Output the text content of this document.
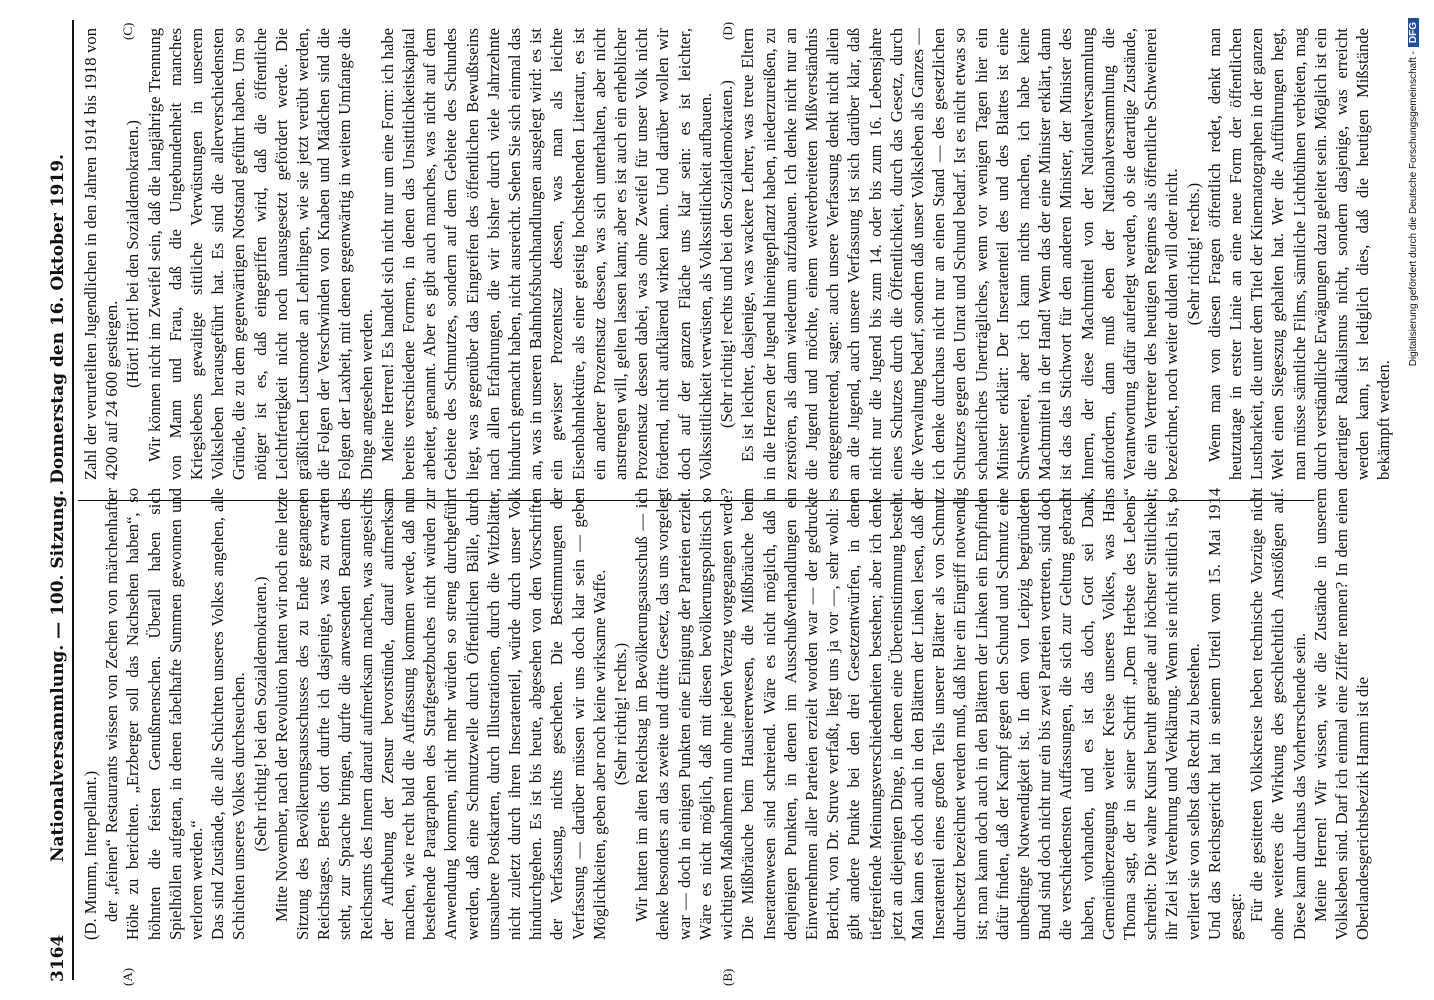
3164
Nationalversammlung. — 100. Sitzung. Donnerstag den 16. Oktober 1919.
(A)	(B)
(C)	(D)

(D. Mumm, Interpellant.) der „feinen“ Restaurants wissen von Zechen von märchenhafter Höhe zu berichten. „Erzberger soll das Nachsehen haben“, so höhnten die feisten Genußmenschen. Überall haben sich Spielhöllen aufgetan, in denen fabelhafte Summen gewonnen und verloren werden.“ Das sind Zustände, die alle Schichten unseres Volkes angehen, alle Schichten unseres Volkes durchseuchen. (Sehr richtig! bei den Sozialdemokraten.) Mitte November, nach der Revolution hatten wir noch eine letzte Sitzung des Bevölkerungsausschusses des zu Ende gegangenen Reichstages. Bereits dort durfte ich dasjenige, was zu erwarten steht, zur Sprache bringen, durfte die anwesenden Beamten des Reichsamts des Innern darauf aufmerksam machen, was angesichts der Aufhebung der Zensur bevorstünde, darauf aufmerksam machen, wie recht bald die Auffassung kommen werde, daß nun bestehende Paragraphen des Strafgesetzbuches nicht würden zur Anwendung kommen, nicht mehr würden so streng durchgeführt werden, daß eine Schmutzwelle durch Öffentlichen Bälle, durch unsaubere Postkarten, durch Illustrationen, durch die Witzblätter, nicht zuletzt durch ihren Inseratenteil, würde durch unser Volk hindurchgehen. Es ist bis heute, abgesehen von den Vorschriften der Verfassung, nichts geschehen. Die Bestimmungen der Verfassung — darüber müssen wir uns doch klar sein — geben Möglichkeiten, geben aber noch keine wirksame Waffe. (Sehr richtig! rechts.) Wir hatten im alten Reichstag im Bevölkerungsausschuß — ich denke besonders an das zweite und dritte Gesetz, das uns vorgelegt war — doch in einigen Punkten eine Einigung der Parteien erzielt. Wäre es nicht möglich, daß mit diesen bevölkerungspolitisch so wichtigen Maßnahmen nun ohne jeden Verzug vorgegangen werde? Die Mißbräuche beim Hausiererwesen, die Mißbräuche beim Inseratenwesen sind schreiend. Wäre es nicht möglich, daß in denjenigen Punkten, in denen im Ausschußverhandlungen ein Einvernehmen aller Parteien erzielt worden war — der gedruckte Bericht, von Dr. Struve verfaßt, liegt uns ja vor —, sehr wohl: es gibt andere Punkte bei den drei Gesetzentwürfen, in denen tiefgreifende Meinungsverschiedenheiten bestehen; aber ich denke jetzt an diejenigen Dinge, in denen eine Übereinstimmung besteht. Man kann es doch auch in den Blättern der Linken lesen, daß der Inseratenteil eines großen Teils unserer Blätter als von Schmutz durchsetzt bezeichnet werden muß, daß hier ein Eingriff notwendig ist; man kann doch auch in den Blättern der Linken ein Empfinden dafür finden, daß der Kampf gegen den Schund und Schmutz eine unbedingte Notwendigkeit ist. In dem von Leipzig begründeten Bund sind doch nicht nur ein bis zwei Parteien vertreten, sind doch die verschiedensten Auffassungen, die sich zur Geltung gebracht haben, vorhanden, und es ist das doch, Gott sei Dank, Gemeinüberzeugung weiter Kreise unseres Volkes, was Hans Thoma sagt, der in seiner Schrift „Dem Herbste des Lebens“ schreibt: Die wahre Kunst beruht gerade auf höchster Sittlichkeit; ihr Ziel ist Verehrung und Verklärung. Wenn sie nicht sittlich ist, so verliert sie von selbst das Recht zu bestehen. Und das Reichsgericht hat in seinem Urteil vom 15. Mai 1914 gesagt: Für die gesitteten Volkskreise heben technische Vorzüge nicht ohne weiteres die Wirkung des geschlechtlich Anstößigen auf. Diese kann durchaus das Vorherrschende sein. Meine Herren! Wir wissen, wie die Zustände in unserem Volksleben sind. Darf ich einmal eine Ziffer nennen? In dem einen Oberlandesgerichtsbezirk Hamm ist die

Zahl der verurteilten Jugendlichen in den Jahren 1914 bis 1918 von 4200 auf 24 600 gestiegen.

(Hört! Hört! bei den Sozialdemokraten.) Wir können nicht im Zweifel sein, daß die langjährige Trennung von Mann und Frau, daß die Ungebundenheit manches Kriegslebens gewaltige sittliche Verwüstungen in unserem Volksleben herausgeführt hat. Es sind die allerverschiedensten Gründe, die zu dem gegenwärtigen Notstand geführt haben. Um so nötiger ist es, daß eingegriffen wird, daß die öffentliche Leichtfertigkeit nicht noch unausgesetzt gefördert werde. Die gräßlichen Lustmorde an Lehrlingen, wie sie jetzt verübt werden, die Folgen der Verschwinden von Knaben und Mädchen sind die Folgen der Laxheit, mit denen gegenwärtig in weitem Umfange die Dinge angesehen werden. Meine Herren! Es handelt sich nicht nur um eine Form: ich habe bereits verschiedene Formen, in denen das Unsittlichkeitskapital arbeitet, genannt. Aber es gibt auch manches, was nicht auf dem Gebiete des Schmutzes, sondern auf dem Gebiete des Schundes liegt, was gegenüber das Eingreifen des öffentlichen Bewußtseins nach allen Erfahrungen, die wir bisher durch viele Jahrzehnte hindurch gemacht haben, nicht ausreicht. Sehen Sie sich einmal das an, was in unseren Bahnhofsbuchhandlungen ausgelegt wird: es ist ein gewisser Prozentsatz dessen, was man als leichte Eisenbahnlektüre, als einer geistig hochstehenden Literatur, es ist ein anderer Prozentsatz dessen, was sich unterhalten, aber nicht anstrengen will, gelten lassen kann; aber es ist auch ein erheblicher Prozentsatz dessen dabei, was ohne Zweifel für unser Volk nicht fördernd, nicht aufklärend wirken kann. Und darüber wollen wir doch auf der ganzen Fläche uns klar sein: es ist leichter, Volkssittlichkeit verwüsten, als Volkssittlichkeit aufbauen. (Sehr richtig! rechts und bei den Sozialdemokraten.) Es ist leichter, dasjenige, was wackere Lehrer, was treue Eltern in die Herzen der Jugend hineingepflanzt haben, niederzureißen, zu zerstören, als dann wiederum aufzubauen. Ich denke nicht nur an die Jugend und möchte, einem weitverbreiteten Mißverständnis entgegentretend, sagen: auch unsere Verfassung denkt nicht allein an die Jugend, auch unsere Verfassung ist sich darüber klar, daß nicht nur die Jugend bis zum 14. oder bis zum 16. Lebensjahre eines Schutzes durch die Öffentlichkeit, durch das Gesetz, durch die Verwaltung bedarf, sondern daß unser Volksleben als Ganzes — ich denke durchaus nicht nur an einen Stand — des gesetzlichen Schutzes gegen den Unrat und Schund bedarf. Ist es nicht etwas so schauerliches Unerträgliches, wenn vor wenigen Tagen hier ein Minister erklärt: Der Inseratenteil des und des Blattes ist eine Schweinerei, aber ich kann nichts machen, ich habe keine Machtmittel in der Hand! Wenn das der eine Minister erklärt, dann ist das das Stichwort für den anderen Minister, der Minister des Innern, der diese Machtmittel von der Nationalversammlung anfordern, dann muß eben der Nationalversammlung die Verantwortung dafür auferlegt werden, ob sie derartige Zustände, die ein Vertreter des heutigen Regimes als öffentliche Schweinerei bezeichnet, noch weiter dulden will oder nicht. (Sehr richtig! rechts.) Wenn man von diesen Fragen öffentlich redet, denkt man heutzutage in erster Linie an eine neue Form der öffentlichen Lustbarkeit, die unter dem Titel der Kinematographen in der ganzen Welt einen Siegeszug gehalten hat. Wer die Aufführungen hegt, man müsse sämtliche Films, sämtliche Lichtbühnen verbieten, mag durch verständliche Erwägungen dazu geleitet sein. Möglich ist ein derartiger Radikalismus nicht, sondern dasjenige, was erreicht werden kann, ist lediglich dies, daß die heutigen Mißstände bekämpft werden.

Digitalisierung gefördert durch die Deutsche Forschungsgemeinschaft -DFG
